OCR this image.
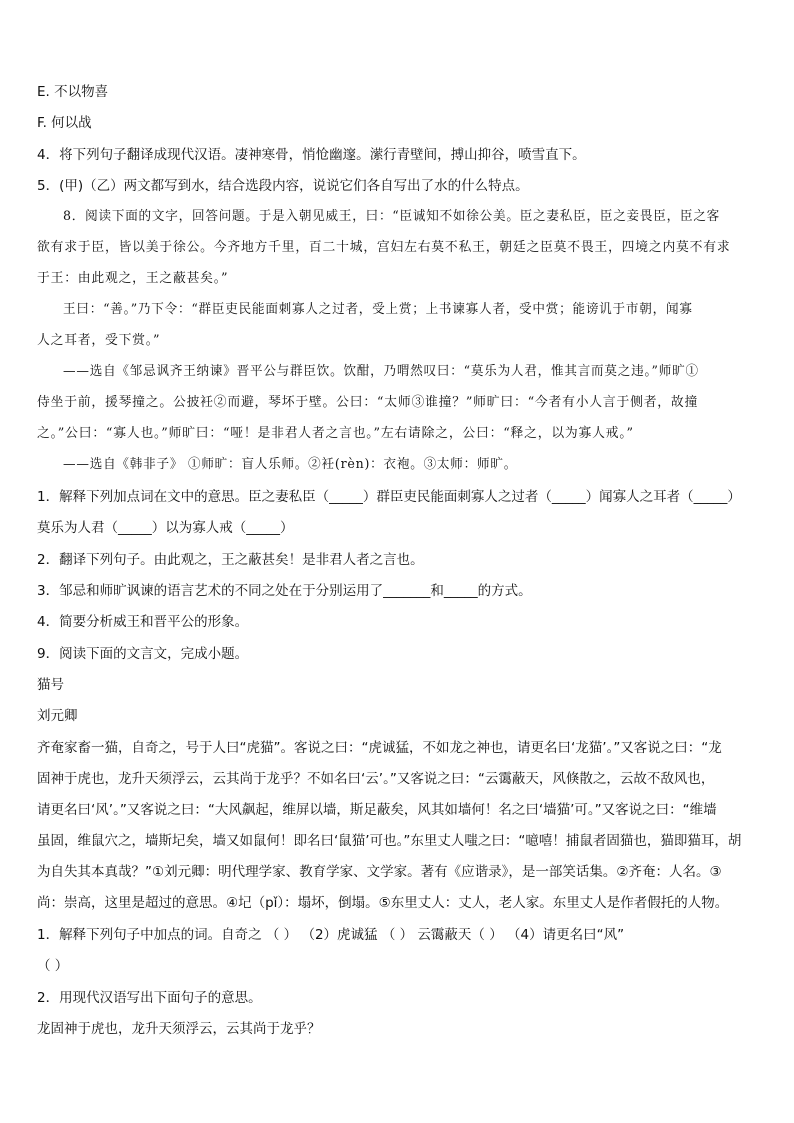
E. 不以物喜
F. 何以战
4．将下列句子翻译成现代汉语。凄神寒骨，悄怆幽邃。潆行青壁间，搏山抑谷，喷雪直下。
5．(甲)（乙）两文都写到水，结合选段内容，说说它们各自写出了水的什么特点。
8．阅读下面的文字，回答问题。于是入朝见威王，曰：“臣诚知不如徐公美。臣之妻私臣，臣之妾畏臣，臣之客
欲有求于臣，皆以美于徐公。今齐地方千里，百二十城，宫妇左右莫不私王，朝廷之臣莫不畏王，四境之内莫不有求
于王：由此观之，王之蔽甚矣。”
王曰：“善。”乃下令：“群臣吏民能面刺寡人之过者，受上赏；上书谏寡人者，受中赏；能谤讥于市朝，闻寡
人之耳者，受下赏。”
——选自《邹忌讽齐王纳谏》晋平公与群臣饮。饮酣，乃喟然叹曰：“莫乐为人君，惟其言而莫之违。”师旷①
侍坐于前，援琴撞之。公披衽②而避，琴坏于壁。公曰：“太师③谁撞？”师旷曰：“今者有小人言于侧者，故撞
之。”公曰：“寡人也。”师旷曰：“哑！是非君人者之言也。”左右请除之，公曰：“释之，以为寡人戒。”
——选自《韩非子》 ①师旷：盲人乐师。②衽(rèn)：衣袍。③太师：师旷。
1．解释下列加点词在文中的意思。臣之妻私臣（_____）群臣吏民能面刺寡人之过者（_____）闻寡人之耳者（_____）
莫乐为人君（_____）以为寡人戒（_____）
2．翻译下列句子。由此观之，王之蔽甚矣！是非君人者之言也。
3．邹忌和师旷讽谏的语言艺术的不同之处在于分别运用了_______和_____的方式。
4．简要分析威王和晋平公的形象。
9．阅读下面的文言文，完成小题。
猫号
刘元卿
齐奄家畜一猫，自奇之，号于人曰“虎猫”。客说之曰：“虎诚猛，不如龙之神也，请更名曰‘龙猫’。”又客说之曰：“龙
固神于虎也，龙升天须浮云，云其尚于龙乎？不如名曰‘云’。”又客说之曰：“云霭蔽天，风倏散之，云故不敌风也，
请更名曰‘风’。”又客说之曰：“大风飙起，维屏以墙，斯足蔽矣，风其如墙何！名之曰‘墙猫’可。”又客说之曰：“维墙
虽固，维鼠穴之，墙斯圮矣，墙又如鼠何！即名曰‘鼠猫’可也。”东里丈人嗤之曰：“噫嘻！捕鼠者固猫也，猫即猫耳，胡
为自失其本真哉？”①刘元卿：明代理学家、教育学家、文学家。著有《应谐录》，是一部笑话集。②齐奄：人名。③
尚：崇高，这里是超过的意思。④圮（pǐ）：塌坏，倒塌。⑤东里丈人：丈人，老人家。东里丈人是作者假托的人物。
1．解释下列句子中加点的词。自奇之 （ ） （2）虎诚猛 （ ） 云霭蔽天（ ） （4）请更名曰“风”
（ ）
2．用现代汉语写出下面句子的意思。
龙固神于虎也，龙升天须浮云，云其尚于龙乎？
